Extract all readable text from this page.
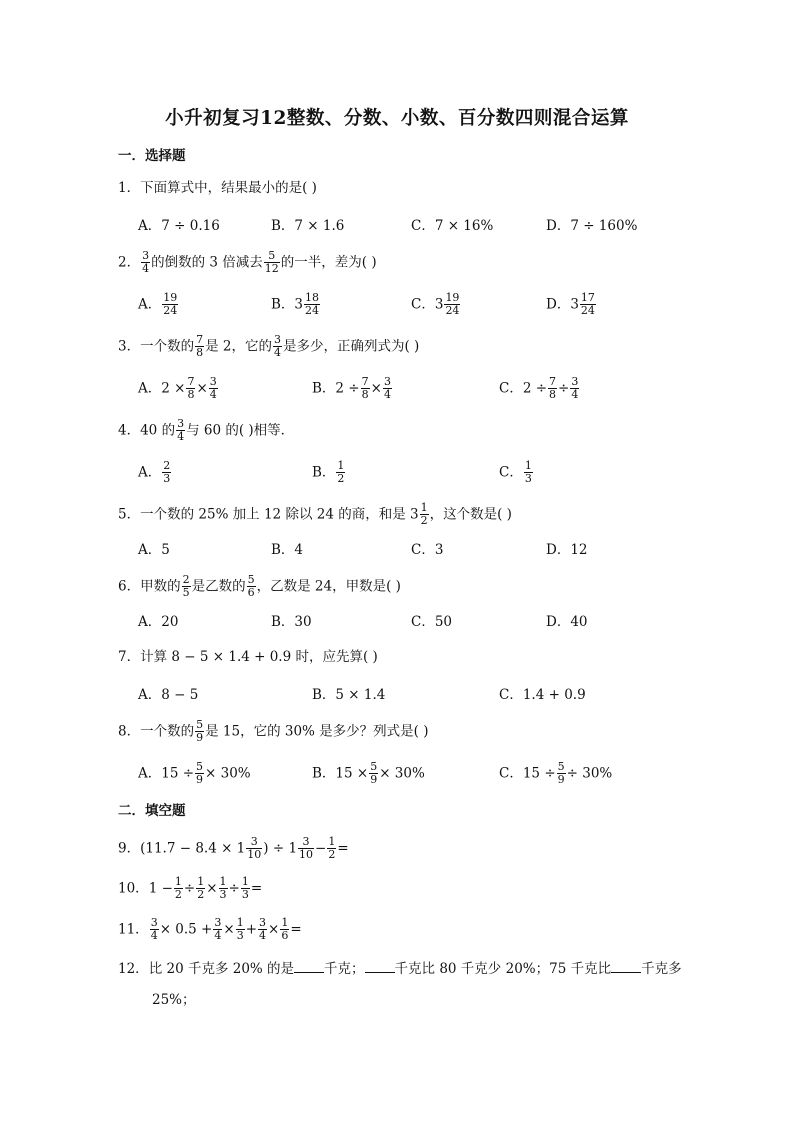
小升初复习12整数、分数、小数、百分数四则混合运算
一．选择题
1．下面算式中，结果最小的是( )
A．7 ÷ 0.16	B．7 × 1.6	C．7 × 16%	D．7 ÷ 160%
2． $\frac{3}{4}$ 的倒数的 3 倍减去 $\frac{5}{12}$ 的一半，差为( )
A． $\frac{19}{24}$	B．$3 \frac{18}{24}$	C．$3 \frac{19}{24}$	D．$3 \frac{17}{24}$
3．一个数的 $\frac{7}{8}$ 是 2，它的 $\frac{3}{4}$ 是多少，正确列式为( )
A．$2 \times \frac{7}{8} \times \frac{3}{4}$	B．$2 \div \frac{7}{8} \times \frac{3}{4}$	C．$2 \div \frac{7}{8} \div \frac{3}{4}$
4．40 的 $\frac{3}{4}$ 与 60 的( )相等．
A． $\frac{2}{3}$	B． $\frac{1}{2}$	C． $\frac{1}{3}$
5．一个数的 25% 加上 12 除以 24 的商，和是 $3 \frac{1}{2}$ ，这个数是( )
A．5	B．4	C．3	D．12
6．甲数的 $\frac{2}{5}$ 是乙数的 $\frac{5}{6}$ ，乙数是 24，甲数是( )
A．20	B．30	C．50	D．40
7．计算 8 − 5 × 1.4 + 0.9 时，应先算( )
A．8 − 5	B．5 × 1.4	C．1.4 + 0.9
8．一个数的 $\frac{5}{9}$ 是 15，它的 30% 是多少？列式是( )
A．$15 \div \frac{5}{9} \times 30\%$	B．$15 \times \frac{5}{9} \times 30\%$	C．$15 \div \frac{5}{9} \div 30\%$
二．填空题
9．($11.7 - 8.4 \times 1 \frac{3}{10}$ ) ÷ $1 \frac{3}{10} - \frac{1}{2}$ =
10．$1 - \frac{1}{2} \div \frac{1}{2} \times \frac{1}{3} \div \frac{1}{3}$ =
11． $\frac{3}{4} \times 0.5 + \frac{3}{4} \times \frac{1}{3} + \frac{3}{4} \times \frac{1}{6}$ =
12．比 20 千克多 20% 的是 千克； 千克比 80 千克少 20%；75 千克比 千克多
25%；
